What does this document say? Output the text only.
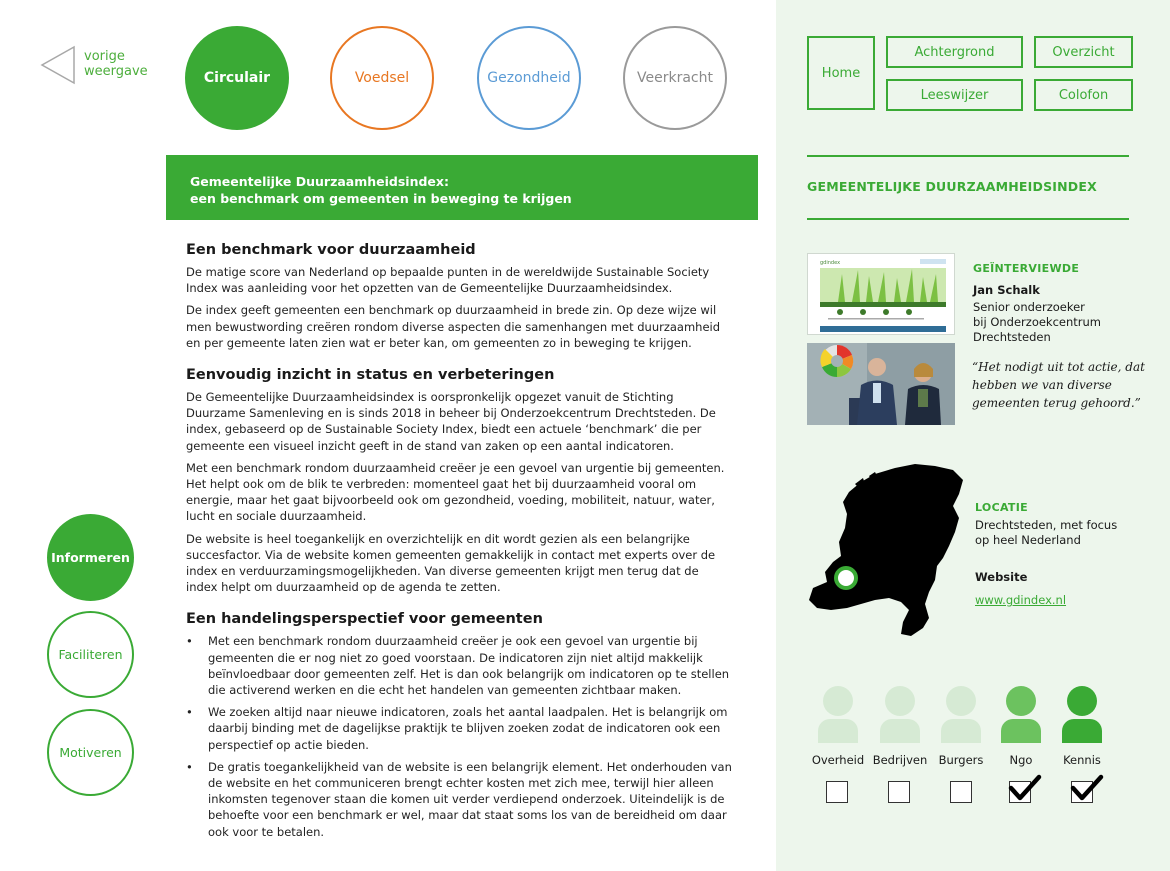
vorige weergave	Circulair	Voedsel	Gezondheid	Veerkracht
Gemeentelijke Duurzaamheidsindex:
een benchmark om gemeenten in beweging te krijgen
Een benchmark voor duurzaamheid

De matige score van Nederland op bepaalde punten in de wereldwijde Sustainable Society Index was aanleiding voor het opzetten van de Gemeentelijke Duurzaamheidsindex.

De index geeft gemeenten een benchmark op duurzaamheid in brede zin. Op deze wijze wil men bewustwording creëren rondom diverse aspecten die samenhangen met duurzaamheid en per gemeente laten zien wat er beter kan, om gemeenten zo in beweging te krijgen.

Eenvoudig inzicht in status en verbeteringen

De Gemeentelijke Duurzaamheidsindex is oorspronkelijk opgezet vanuit de Stichting Duurzame Samenleving en is sinds 2018 in beheer bij Onderzoekcentrum Drechtsteden. De index, gebaseerd op de Sustainable Society Index, biedt een actuele ‘benchmark’ die per gemeente een visueel inzicht geeft in de stand van zaken op een aantal indicatoren.

Met een benchmark rondom duurzaamheid creëer je een gevoel van urgentie bij gemeenten. Het helpt ook om de blik te verbreden: momenteel gaat het bij duurzaamheid vooral om energie, maar het gaat bijvoorbeeld ook om gezondheid, voeding, mobiliteit, natuur, water, lucht en sociale duurzaamheid.

De website is heel toegankelijk en overzichtelijk en dit wordt gezien als een belangrijke succesfactor. Via de website komen gemeenten gemakkelijk in contact met experts over de index en verduurzamingsmogelijkheden. Van diverse gemeenten krijgt men terug dat de index helpt om duurzaamheid op de agenda te zetten.

Een handelingsperspectief voor gemeenten
• Met een benchmark rondom duurzaamheid creëer je ook een gevoel van urgentie bij gemeenten die er nog niet zo goed voorstaan. De indicatoren zijn niet altijd makkelijk beïnvloedbaar door gemeenten zelf. Het is dan ook belangrijk om indicatoren op te stellen die activerend werken en die echt het handelen van gemeenten zichtbaar maken.
• We zoeken altijd naar nieuwe indicatoren, zoals het aantal laadpalen. Het is belangrijk om daarbij binding met de dagelijkse praktijk te blijven zoeken zodat de indicatoren ook een perspectief op actie bieden.
• De gratis toegankelijkheid van de website is een belangrijk element. Het onderhouden van de website en het communiceren brengt echter kosten met zich mee, terwijl hier alleen inkomsten tegenover staan die komen uit verder verdiepend onderzoek. Uiteindelijk is de behoefte voor een benchmark er wel, maar dat staat soms los van de bereidheid om daar ook voor te betalen.
Informeren
Faciliteren
Motiveren
Home
Achtergrond	Overzicht
Leeswijzer	Colofon
GEMEENTELIJKE DUURZAAMHEIDSINDEX
gdindex	GEÏNTERVIEWDE
Jan Schalk
Senior onderzoeker
bij Onderzoekcentrum
Drechtsteden
“Het nodigt uit tot actie, dat hebben we van diverse gemeenten terug gehoord.”
LOCATIE
Drechtsteden, met focus
op heel Nederland
Website
www.gdindex.nl
Overheid Bedrijven Burgers	Ngo	Kennis
